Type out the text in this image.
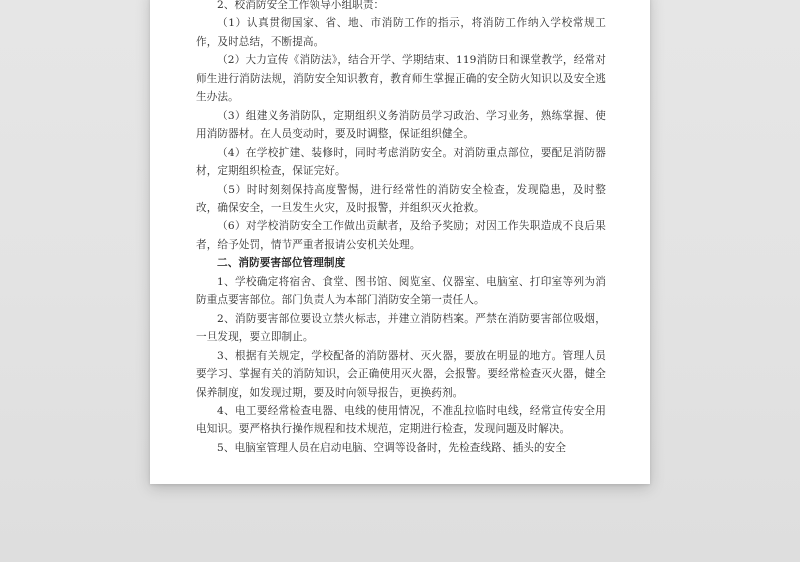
2、校消防安全工作领导小组职责：

（1）认真贯彻国家、省、地、市消防工作的指示，将消防工作纳入学校常规工作，及时总结，不断提高。

（2）大力宣传《消防法》，结合开学、学期结束、119消防日和课堂教学，经常对师生进行消防法规，消防安全知识教育，教育师生掌握正确的安全防火知识以及安全逃生办法。

（3）组建义务消防队，定期组织义务消防员学习政治、学习业务，熟练掌握、使用消防器材。在人员变动时，要及时调整，保证组织健全。

（4）在学校扩建、装修时，同时考虑消防安全。对消防重点部位，要配足消防器材，定期组织检查，保证完好。

（5）时时刻刻保持高度警惕，进行经常性的消防安全检查，发现隐患，及时整改，确保安全，一旦发生火灾，及时报警，并组织灭火抢救。

（6）对学校消防安全工作做出贡献者，及给予奖励；对因工作失职造成不良后果者，给予处罚，情节严重者报请公安机关处理。

二、消防要害部位管理制度

1、学校确定将宿舍、食堂、图书馆、阅览室、仪器室、电脑室、打印室等列为消防重点要害部位。部门负责人为本部门消防安全第一责任人。

2、消防要害部位要设立禁火标志，并建立消防档案。严禁在消防要害部位吸烟，一旦发现，要立即制止。

3、根据有关规定，学校配备的消防器材、灭火器，要放在明显的地方。管理人员要学习、掌握有关的消防知识，会正确使用灭火器，会报警。要经常检查灭火器，健全保养制度，如发现过期，要及时向领导报告，更换药剂。

4、电工要经常检查电器、电线的使用情况，不准乱拉临时电线，经常宣传安全用电知识。要严格执行操作规程和技术规范，定期进行检查，发现问题及时解决。

5、电脑室管理人员在启动电脑、空调等设备时，先检查线路、插头的安全
